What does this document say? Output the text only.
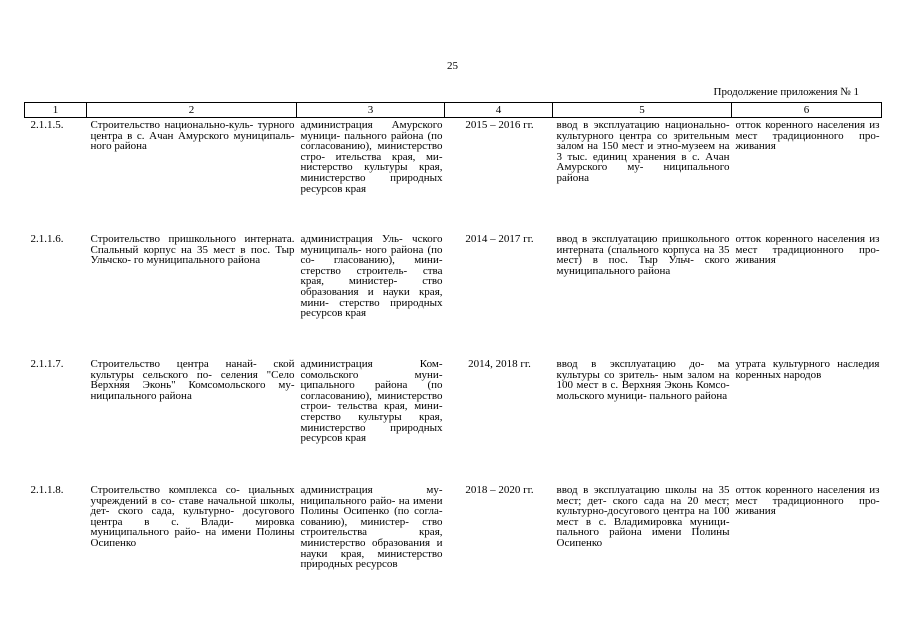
25
Продолжение приложения № 1
1	2	3	4	5	6
2.1.1.5.	Строительство национально-куль- турного центра в с. Ачан Амурского муниципаль- ного района	администрация Амурского муници- пального района (по согласованию), министерство стро- ительства края, ми- нистерство культуры края, министерство природных ресурсов края	2015 – 2016 гг.	ввод в эксплуатацию национально- культурного центра со зрительным залом на 150 мест и этно-музеем на 3 тыс. единиц хранения в с. Ачан Амурского му- ниципального района	отток коренного населения из мест традиционного про- живания
2.1.1.6.	Строительство пришкольного интерната. Спальный корпус на 35 мест в пос. Тыр Ульчско- го муниципального района	администрация Уль- чского муниципаль- ного района (по со- гласованию), мини- стерство строитель- ства края, министер- ство образования и науки края, мини- стерство природных ресурсов края	2014 – 2017 гг.	ввод в эксплуатацию пришкольного интерната (спального корпуса на 35 мест) в пос. Тыр Ульч- ского муниципального района	отток коренного населения из мест традиционного про- живания
2.1.1.7.	Строительство центра нанай- ской культуры сельского по- селения "Село Верхняя Эконь" Комсомольского му- ниципального района	администрация Ком- сомольского муни- ципального района (по согласованию), министерство строи- тельства края, мини- стерство культуры края, министерство природных ресурсов края	2014, 2018 гг.	ввод в эксплуатацию до- ма культуры со зритель- ным залом на 100 мест в с. Верхняя Эконь Комсо- мольского муници- пального района	утрата культурного наследия коренных народов
2.1.1.8.	Строительство комплекса со- циальных учреждений в со- ставе начальной школы, дет- ского сада, культурно- досугового центра в с. Влади- мировка муниципального райо- на имени Полины Осипенко	администрация му- ниципального райо- на имени Полины Осипенко (по согла- сованию), министер- ство строительства края, министерство образования и науки края, министерство природных ресурсов	2018 – 2020 гг.	ввод в эксплуатацию школы на 35 мест; дет- ского сада на 20 мест; культурно-досугового центра на 100 мест в с. Владимировка муници- пального района имени Полины Осипенко	отток коренного населения из мест традиционного про- живания
